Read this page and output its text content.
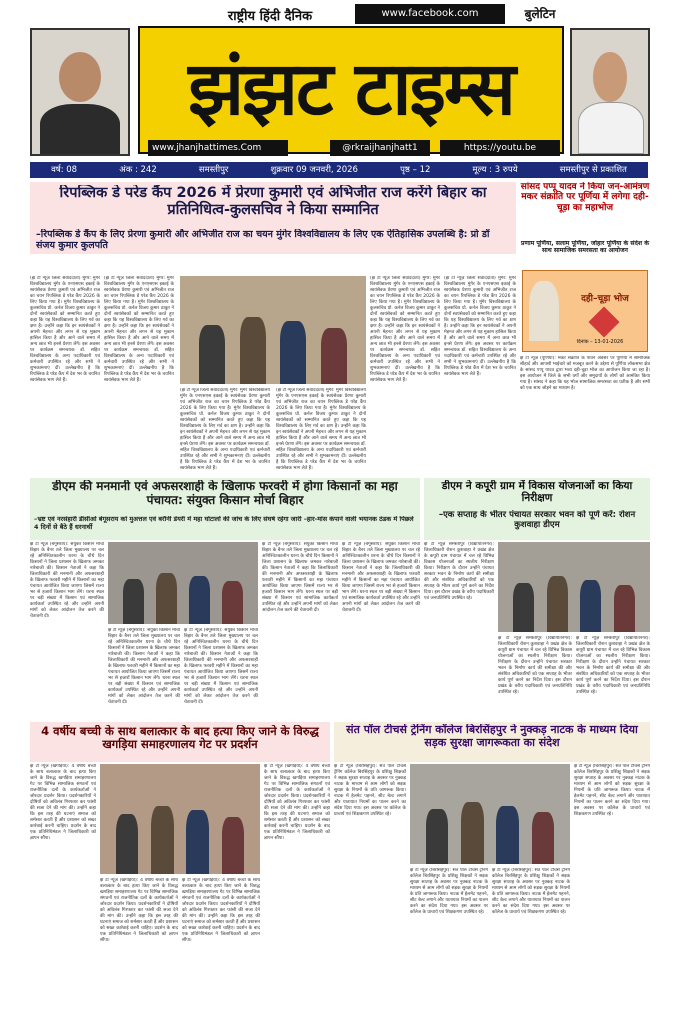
राष्ट्रीय हिंदी दैनिक	www.facebook.com	बुलेटिन
झंझट टाइम्स
www.jhanjhattimes.Com	@rkraijhanjhatt1	https://youtu.be
वर्ष: 08	अंक : 242	समस्तीपुर	शुक्रवार 09 जनवरी, 2026	पृष्ठ – 12	मूल्य : 3 रुपये	समस्तीपुर से प्रकाशित
रिपब्लिक डे परेड कैंप 2026 में प्रेरणा कुमारी एवं अभिजीत राज करेंगे बिहार का प्रतिनिधित्व-कुलसचिव ने किया सम्मानित
–रिपब्लिक डे कैंप के लिए प्रेरणा कुमारी और अभिजीत राज का चयन मुंगेर विश्वविद्यालय के लिए एक ऐतिहासिक उपलब्धि है: प्रो डॉ संजय कुमार कुलपति
(झं टी न्यूज़ जिला संवाददाता) मुंगेर: मुंगेर विश्वविद्यालय मुंगेर के एनएसएस इकाई के स्वयंसेवक प्रेरणा कुमारी एवं अभिजीत राज का चयन रिपब्लिक डे परेड कैंप 2026 के लिए किया गया है। मुंगेर विश्वविद्यालय के कुलसचिव प्रो. कर्नल विजय कुमार ठाकुर ने दोनों स्वयंसेवकों को सम्मानित करते हुए कहा कि यह विश्वविद्यालय के लिए गर्व का क्षण है। उन्होंने कहा कि इन स्वयंसेवकों ने अपनी मेहनत और लगन से यह मुकाम हासिल किया है और आने वाले समय में अन्य छात्र भी इनसे प्रेरणा लेंगे। इस अवसर पर कार्यक्रम समन्वयक डॉ. सहित विश्वविद्यालय के अन्य पदाधिकारी एवं कर्मचारी उपस्थित रहे और सभी ने शुभकामनाएं दीं। उल्लेखनीय है कि रिपब्लिक डे परेड कैंप में देश भर के चयनित स्वयंसेवक भाग लेते हैं।
(झं टी न्यूज़ जिला संवाददाता) मुंगेर: मुंगेर विश्वविद्यालय मुंगेर के एनएसएस इकाई के स्वयंसेवक प्रेरणा कुमारी एवं अभिजीत राज का चयन रिपब्लिक डे परेड कैंप 2026 के लिए किया गया है। मुंगेर विश्वविद्यालय के कुलसचिव प्रो. कर्नल विजय कुमार ठाकुर ने दोनों स्वयंसेवकों को सम्मानित करते हुए कहा कि यह विश्वविद्यालय के लिए गर्व का क्षण है। उन्होंने कहा कि इन स्वयंसेवकों ने अपनी मेहनत और लगन से यह मुकाम हासिल किया है और आने वाले समय में अन्य छात्र भी इनसे प्रेरणा लेंगे। इस अवसर पर कार्यक्रम समन्वयक डॉ. सहित विश्वविद्यालय के अन्य पदाधिकारी एवं कर्मचारी उपस्थित रहे और सभी ने शुभकामनाएं दीं। उल्लेखनीय है कि रिपब्लिक डे परेड कैंप में देश भर के चयनित स्वयंसेवक भाग लेते हैं।
(झं टी न्यूज़ जिला संवाददाता) मुंगेर: मुंगेर विश्वविद्यालय मुंगेर के एनएसएस इकाई के स्वयंसेवक प्रेरणा कुमारी एवं अभिजीत राज का चयन रिपब्लिक डे परेड कैंप 2026 के लिए किया गया है। मुंगेर विश्वविद्यालय के कुलसचिव प्रो. कर्नल विजय कुमार ठाकुर ने दोनों स्वयंसेवकों को सम्मानित करते हुए कहा कि यह विश्वविद्यालय के लिए गर्व का क्षण है। उन्होंने कहा कि इन स्वयंसेवकों ने अपनी मेहनत और लगन से यह मुकाम हासिल किया है और आने वाले समय में अन्य छात्र भी इनसे प्रेरणा लेंगे। इस अवसर पर कार्यक्रम समन्वयक डॉ. सहित विश्वविद्यालय के अन्य पदाधिकारी एवं कर्मचारी उपस्थित रहे और सभी ने शुभकामनाएं दीं। उल्लेखनीय है कि रिपब्लिक डे परेड कैंप में देश भर के चयनित स्वयंसेवक भाग लेते हैं।
(झं टी न्यूज़ जिला संवाददाता) मुंगेर: मुंगेर विश्वविद्यालय मुंगेर के एनएसएस इकाई के स्वयंसेवक प्रेरणा कुमारी एवं अभिजीत राज का चयन रिपब्लिक डे परेड कैंप 2026 के लिए किया गया है। मुंगेर विश्वविद्यालय के कुलसचिव प्रो. कर्नल विजय कुमार ठाकुर ने दोनों स्वयंसेवकों को सम्मानित करते हुए कहा कि यह विश्वविद्यालय के लिए गर्व का क्षण है। उन्होंने कहा कि इन स्वयंसेवकों ने अपनी मेहनत और लगन से यह मुकाम हासिल किया है और आने वाले समय में अन्य छात्र भी इनसे प्रेरणा लेंगे। इस अवसर पर कार्यक्रम समन्वयक डॉ. सहित विश्वविद्यालय के अन्य पदाधिकारी एवं कर्मचारी उपस्थित रहे और सभी ने शुभकामनाएं दीं। उल्लेखनीय है कि रिपब्लिक डे परेड कैंप में देश भर के चयनित स्वयंसेवक भाग लेते हैं।
(झं टी न्यूज़ जिला संवाददाता) मुंगेर: मुंगेर विश्वविद्यालय मुंगेर के एनएसएस इकाई के स्वयंसेवक प्रेरणा कुमारी एवं अभिजीत राज का चयन रिपब्लिक डे परेड कैंप 2026 के लिए किया गया है। मुंगेर विश्वविद्यालय के कुलसचिव प्रो. कर्नल विजय कुमार ठाकुर ने दोनों स्वयंसेवकों को सम्मानित करते हुए कहा कि यह विश्वविद्यालय के लिए गर्व का क्षण है। उन्होंने कहा कि इन स्वयंसेवकों ने अपनी मेहनत और लगन से यह मुकाम हासिल किया है और आने वाले समय में अन्य छात्र भी इनसे प्रेरणा लेंगे। इस अवसर पर कार्यक्रम समन्वयक डॉ. सहित विश्वविद्यालय के अन्य पदाधिकारी एवं कर्मचारी उपस्थित रहे और सभी ने शुभकामनाएं दीं। उल्लेखनीय है कि रिपब्लिक डे परेड कैंप में देश भर के चयनित स्वयंसेवक भाग लेते हैं।
(झं टी न्यूज़ जिला संवाददाता) मुंगेर: मुंगेर विश्वविद्यालय मुंगेर के एनएसएस इकाई के स्वयंसेवक प्रेरणा कुमारी एवं अभिजीत राज का चयन रिपब्लिक डे परेड कैंप 2026 के लिए किया गया है। मुंगेर विश्वविद्यालय के कुलसचिव प्रो. कर्नल विजय कुमार ठाकुर ने दोनों स्वयंसेवकों को सम्मानित करते हुए कहा कि यह विश्वविद्यालय के लिए गर्व का क्षण है। उन्होंने कहा कि इन स्वयंसेवकों ने अपनी मेहनत और लगन से यह मुकाम हासिल किया है और आने वाले समय में अन्य छात्र भी इनसे प्रेरणा लेंगे। इस अवसर पर कार्यक्रम समन्वयक डॉ. सहित विश्वविद्यालय के अन्य पदाधिकारी एवं कर्मचारी उपस्थित रहे और सभी ने शुभकामनाएं दीं। उल्लेखनीय है कि रिपब्लिक डे परेड कैंप में देश भर के चयनित स्वयंसेवक भाग लेते हैं।
सांसद पप्पू यादव ने किया जन-आमंत्रण मकर संक्रांति पर पूर्णिया में लगेगा दही-चूड़ा का महाभोज
प्रणाम पूर्णिया, सलाम पूर्णिया, जोहार पूर्णिया के संदेश के साथ सामाजिक समरसता का आयोजन
दही–चूड़ा भोज
दिनांक – 13-01-2026
झं टी न्यूज़ (पूर्णिया): मकर संक्रांति के पावन अवसर पर पूर्णिया में सामाजिक सौहार्द और आपसी भाईचारे को मजबूत करने के उद्देश्य से पूर्णिया लोकसभा क्षेत्र के सांसद पप्पू यादव द्वारा भव्य दही-चूड़ा भोज का आयोजन किया जा रहा है। इस आयोजन में जिले के सभी वर्गों और समुदायों के लोगों को आमंत्रित किया गया है। सांसद ने कहा कि यह भोज सामाजिक समरसता का प्रतीक है और सभी को एक साथ जोड़ने का माध्यम है।
डीएम की मनमानी एवं अफसरशाही के खिलाफ फरवरी में होगा किसानों का महा पंचायत: संयुक्त किसान मोर्चा बिहार
–भ्रष्ट एवं नरसंहारी डीसीओ बेगूसराय को मुअत्तल एवं बरौनी डेयरी में महा घोटालों की जांच के लिए संघर्ष रहेगा जारी –हार-मांस कंपाने वाली भयानक ठंडक में पिछले 4 दिनों से बैठे हैं धरनार्थी
झं टी न्यूज़ (बेगूसराय): संयुक्त किसान मोर्चा बिहार के बैनर तले जिला मुख्यालय पर चल रहे अनिश्चितकालीन धरना के चौथे दिन किसानों ने जिला प्रशासन के खिलाफ जमकर नारेबाजी की। किसान नेताओं ने कहा कि जिलाधिकारी की मनमानी और अफसरशाही के खिलाफ फरवरी महीने में किसानों का महा पंचायत आयोजित किया जाएगा जिसमें राज्य भर से हजारों किसान भाग लेंगे। धरना स्थल पर बड़ी संख्या में किसान एवं सामाजिक कार्यकर्ता उपस्थित रहे और उन्होंने अपनी मांगों को लेकर आंदोलन तेज करने की चेतावनी दी।
झं टी न्यूज़ (बेगूसराय): संयुक्त किसान मोर्चा बिहार के बैनर तले जिला मुख्यालय पर चल रहे अनिश्चितकालीन धरना के चौथे दिन किसानों ने जिला प्रशासन के खिलाफ जमकर नारेबाजी की। किसान नेताओं ने कहा कि जिलाधिकारी की मनमानी और अफसरशाही के खिलाफ फरवरी महीने में किसानों का महा पंचायत आयोजित किया जाएगा जिसमें राज्य भर से हजारों किसान भाग लेंगे। धरना स्थल पर बड़ी संख्या में किसान एवं सामाजिक कार्यकर्ता उपस्थित रहे और उन्होंने अपनी मांगों को लेकर आंदोलन तेज करने की चेतावनी दी।
झं टी न्यूज़ (बेगूसराय): संयुक्त किसान मोर्चा बिहार के बैनर तले जिला मुख्यालय पर चल रहे अनिश्चितकालीन धरना के चौथे दिन किसानों ने जिला प्रशासन के खिलाफ जमकर नारेबाजी की। किसान नेताओं ने कहा कि जिलाधिकारी की मनमानी और अफसरशाही के खिलाफ फरवरी महीने में किसानों का महा पंचायत आयोजित किया जाएगा जिसमें राज्य भर से हजारों किसान भाग लेंगे। धरना स्थल पर बड़ी संख्या में किसान एवं सामाजिक कार्यकर्ता उपस्थित रहे और उन्होंने अपनी मांगों को लेकर आंदोलन तेज करने की चेतावनी दी।
झं टी न्यूज़ (बेगूसराय): संयुक्त किसान मोर्चा बिहार के बैनर तले जिला मुख्यालय पर चल रहे अनिश्चितकालीन धरना के चौथे दिन किसानों ने जिला प्रशासन के खिलाफ जमकर नारेबाजी की। किसान नेताओं ने कहा कि जिलाधिकारी की मनमानी और अफसरशाही के खिलाफ फरवरी महीने में किसानों का महा पंचायत आयोजित किया जाएगा जिसमें राज्य भर से हजारों किसान भाग लेंगे। धरना स्थल पर बड़ी संख्या में किसान एवं सामाजिक कार्यकर्ता उपस्थित रहे और उन्होंने अपनी मांगों को लेकर आंदोलन तेज करने की चेतावनी दी।
झं टी न्यूज़ (बेगूसराय): संयुक्त किसान मोर्चा बिहार के बैनर तले जिला मुख्यालय पर चल रहे अनिश्चितकालीन धरना के चौथे दिन किसानों ने जिला प्रशासन के खिलाफ जमकर नारेबाजी की। किसान नेताओं ने कहा कि जिलाधिकारी की मनमानी और अफसरशाही के खिलाफ फरवरी महीने में किसानों का महा पंचायत आयोजित किया जाएगा जिसमें राज्य भर से हजारों किसान भाग लेंगे। धरना स्थल पर बड़ी संख्या में किसान एवं सामाजिक कार्यकर्ता उपस्थित रहे और उन्होंने अपनी मांगों को लेकर आंदोलन तेज करने की चेतावनी दी।
डीएम ने कपूरी ग्राम में विकास योजनाओं का किया निरीक्षण
–एक सप्ताह के भीतर पंचायत सरकार भवन को पूर्ण करें: रोशन कुशवाहा डीएम
झं टी न्यूज़ समस्तीपुर (विद्यापतिनगर): जिलाधिकारी रोशन कुशवाहा ने प्रखंड क्षेत्र के कपूरी ग्राम पंचायत में चल रहे विभिन्न विकास योजनाओं का स्थलीय निरीक्षण किया। निरीक्षण के दौरान उन्होंने पंचायत सरकार भवन के निर्माण कार्य की समीक्षा की और संबंधित अधिकारियों को एक सप्ताह के भीतर कार्य पूर्ण करने का निर्देश दिया। इस दौरान प्रखंड के वरीय पदाधिकारी एवं जनप्रतिनिधि उपस्थित रहे।
झं टी न्यूज़ समस्तीपुर (विद्यापतिनगर): जिलाधिकारी रोशन कुशवाहा ने प्रखंड क्षेत्र के कपूरी ग्राम पंचायत में चल रहे विभिन्न विकास योजनाओं का स्थलीय निरीक्षण किया। निरीक्षण के दौरान उन्होंने पंचायत सरकार भवन के निर्माण कार्य की समीक्षा की और संबंधित अधिकारियों को एक सप्ताह के भीतर कार्य पूर्ण करने का निर्देश दिया। इस दौरान प्रखंड के वरीय पदाधिकारी एवं जनप्रतिनिधि उपस्थित रहे।
झं टी न्यूज़ समस्तीपुर (विद्यापतिनगर): जिलाधिकारी रोशन कुशवाहा ने प्रखंड क्षेत्र के कपूरी ग्राम पंचायत में चल रहे विभिन्न विकास योजनाओं का स्थलीय निरीक्षण किया। निरीक्षण के दौरान उन्होंने पंचायत सरकार भवन के निर्माण कार्य की समीक्षा की और संबंधित अधिकारियों को एक सप्ताह के भीतर कार्य पूर्ण करने का निर्देश दिया। इस दौरान प्रखंड के वरीय पदाधिकारी एवं जनप्रतिनिधि उपस्थित रहे।
4 वर्षीय बच्ची के साथ बलात्कार के बाद हत्या किए जाने के विरुद्ध खगड़िया समाहरणालय गेट पर प्रदर्शन
झं टी न्यूज़ (खगड़िया): 4 वर्षीय बच्ची के साथ बलात्कार के बाद हत्या किए जाने के विरुद्ध खगड़िया समाहरणालय गेट पर विभिन्न सामाजिक संगठनों एवं राजनीतिक दलों के कार्यकर्ताओं ने जोरदार प्रदर्शन किया। प्रदर्शनकारियों ने दोषियों को अविलंब गिरफ्तार कर फांसी की सजा देने की मांग की। उन्होंने कहा कि इस तरह की घटनाएं समाज को शर्मसार करती हैं और प्रशासन को सख्त कार्रवाई करनी चाहिए। प्रदर्शन के बाद एक प्रतिनिधिमंडल ने जिलाधिकारी को ज्ञापन सौंपा।
झं टी न्यूज़ (खगड़िया): 4 वर्षीय बच्ची के साथ बलात्कार के बाद हत्या किए जाने के विरुद्ध खगड़िया समाहरणालय गेट पर विभिन्न सामाजिक संगठनों एवं राजनीतिक दलों के कार्यकर्ताओं ने जोरदार प्रदर्शन किया। प्रदर्शनकारियों ने दोषियों को अविलंब गिरफ्तार कर फांसी की सजा देने की मांग की। उन्होंने कहा कि इस तरह की घटनाएं समाज को शर्मसार करती हैं और प्रशासन को सख्त कार्रवाई करनी चाहिए। प्रदर्शन के बाद एक प्रतिनिधिमंडल ने जिलाधिकारी को ज्ञापन सौंपा।
झं टी न्यूज़ (खगड़िया): 4 वर्षीय बच्ची के साथ बलात्कार के बाद हत्या किए जाने के विरुद्ध खगड़िया समाहरणालय गेट पर विभिन्न सामाजिक संगठनों एवं राजनीतिक दलों के कार्यकर्ताओं ने जोरदार प्रदर्शन किया। प्रदर्शनकारियों ने दोषियों को अविलंब गिरफ्तार कर फांसी की सजा देने की मांग की। उन्होंने कहा कि इस तरह की घटनाएं समाज को शर्मसार करती हैं और प्रशासन को सख्त कार्रवाई करनी चाहिए। प्रदर्शन के बाद एक प्रतिनिधिमंडल ने जिलाधिकारी को ज्ञापन सौंपा।
झं टी न्यूज़ (खगड़िया): 4 वर्षीय बच्ची के साथ बलात्कार के बाद हत्या किए जाने के विरुद्ध खगड़िया समाहरणालय गेट पर विभिन्न सामाजिक संगठनों एवं राजनीतिक दलों के कार्यकर्ताओं ने जोरदार प्रदर्शन किया। प्रदर्शनकारियों ने दोषियों को अविलंब गिरफ्तार कर फांसी की सजा देने की मांग की। उन्होंने कहा कि इस तरह की घटनाएं समाज को शर्मसार करती हैं और प्रशासन को सख्त कार्रवाई करनी चाहिए। प्रदर्शन के बाद एक प्रतिनिधिमंडल ने जिलाधिकारी को ज्ञापन सौंपा।
संत पॉल टीचर्स ट्रेनिंग कॉलेज बिरसिंहपुर ने नुक्कड़ नाटक के माध्यम दिया सड़क सुरक्षा जागरूकता का संदेश
झं टी न्यूज़ (बिरसिंहपुर): संत पॉल टीचर्स ट्रेनिंग कॉलेज बिरसिंहपुर के प्रशिक्षु शिक्षकों ने सड़क सुरक्षा सप्ताह के अवसर पर नुक्कड़ नाटक के माध्यम से आम लोगों को सड़क सुरक्षा के नियमों के प्रति जागरूक किया। नाटक में हेलमेट पहनने, सीट बेल्ट लगाने और यातायात नियमों का पालन करने का संदेश दिया गया। इस अवसर पर कॉलेज के प्राचार्य एवं शिक्षकगण उपस्थित रहे।
झं टी न्यूज़ (बिरसिंहपुर): संत पॉल टीचर्स ट्रेनिंग कॉलेज बिरसिंहपुर के प्रशिक्षु शिक्षकों ने सड़क सुरक्षा सप्ताह के अवसर पर नुक्कड़ नाटक के माध्यम से आम लोगों को सड़क सुरक्षा के नियमों के प्रति जागरूक किया। नाटक में हेलमेट पहनने, सीट बेल्ट लगाने और यातायात नियमों का पालन करने का संदेश दिया गया। इस अवसर पर कॉलेज के प्राचार्य एवं शिक्षकगण उपस्थित रहे।
झं टी न्यूज़ (बिरसिंहपुर): संत पॉल टीचर्स ट्रेनिंग कॉलेज बिरसिंहपुर के प्रशिक्षु शिक्षकों ने सड़क सुरक्षा सप्ताह के अवसर पर नुक्कड़ नाटक के माध्यम से आम लोगों को सड़क सुरक्षा के नियमों के प्रति जागरूक किया। नाटक में हेलमेट पहनने, सीट बेल्ट लगाने और यातायात नियमों का पालन करने का संदेश दिया गया। इस अवसर पर कॉलेज के प्राचार्य एवं शिक्षकगण उपस्थित रहे।
झं टी न्यूज़ (बिरसिंहपुर): संत पॉल टीचर्स ट्रेनिंग कॉलेज बिरसिंहपुर के प्रशिक्षु शिक्षकों ने सड़क सुरक्षा सप्ताह के अवसर पर नुक्कड़ नाटक के माध्यम से आम लोगों को सड़क सुरक्षा के नियमों के प्रति जागरूक किया। नाटक में हेलमेट पहनने, सीट बेल्ट लगाने और यातायात नियमों का पालन करने का संदेश दिया गया। इस अवसर पर कॉलेज के प्राचार्य एवं शिक्षकगण उपस्थित रहे।
